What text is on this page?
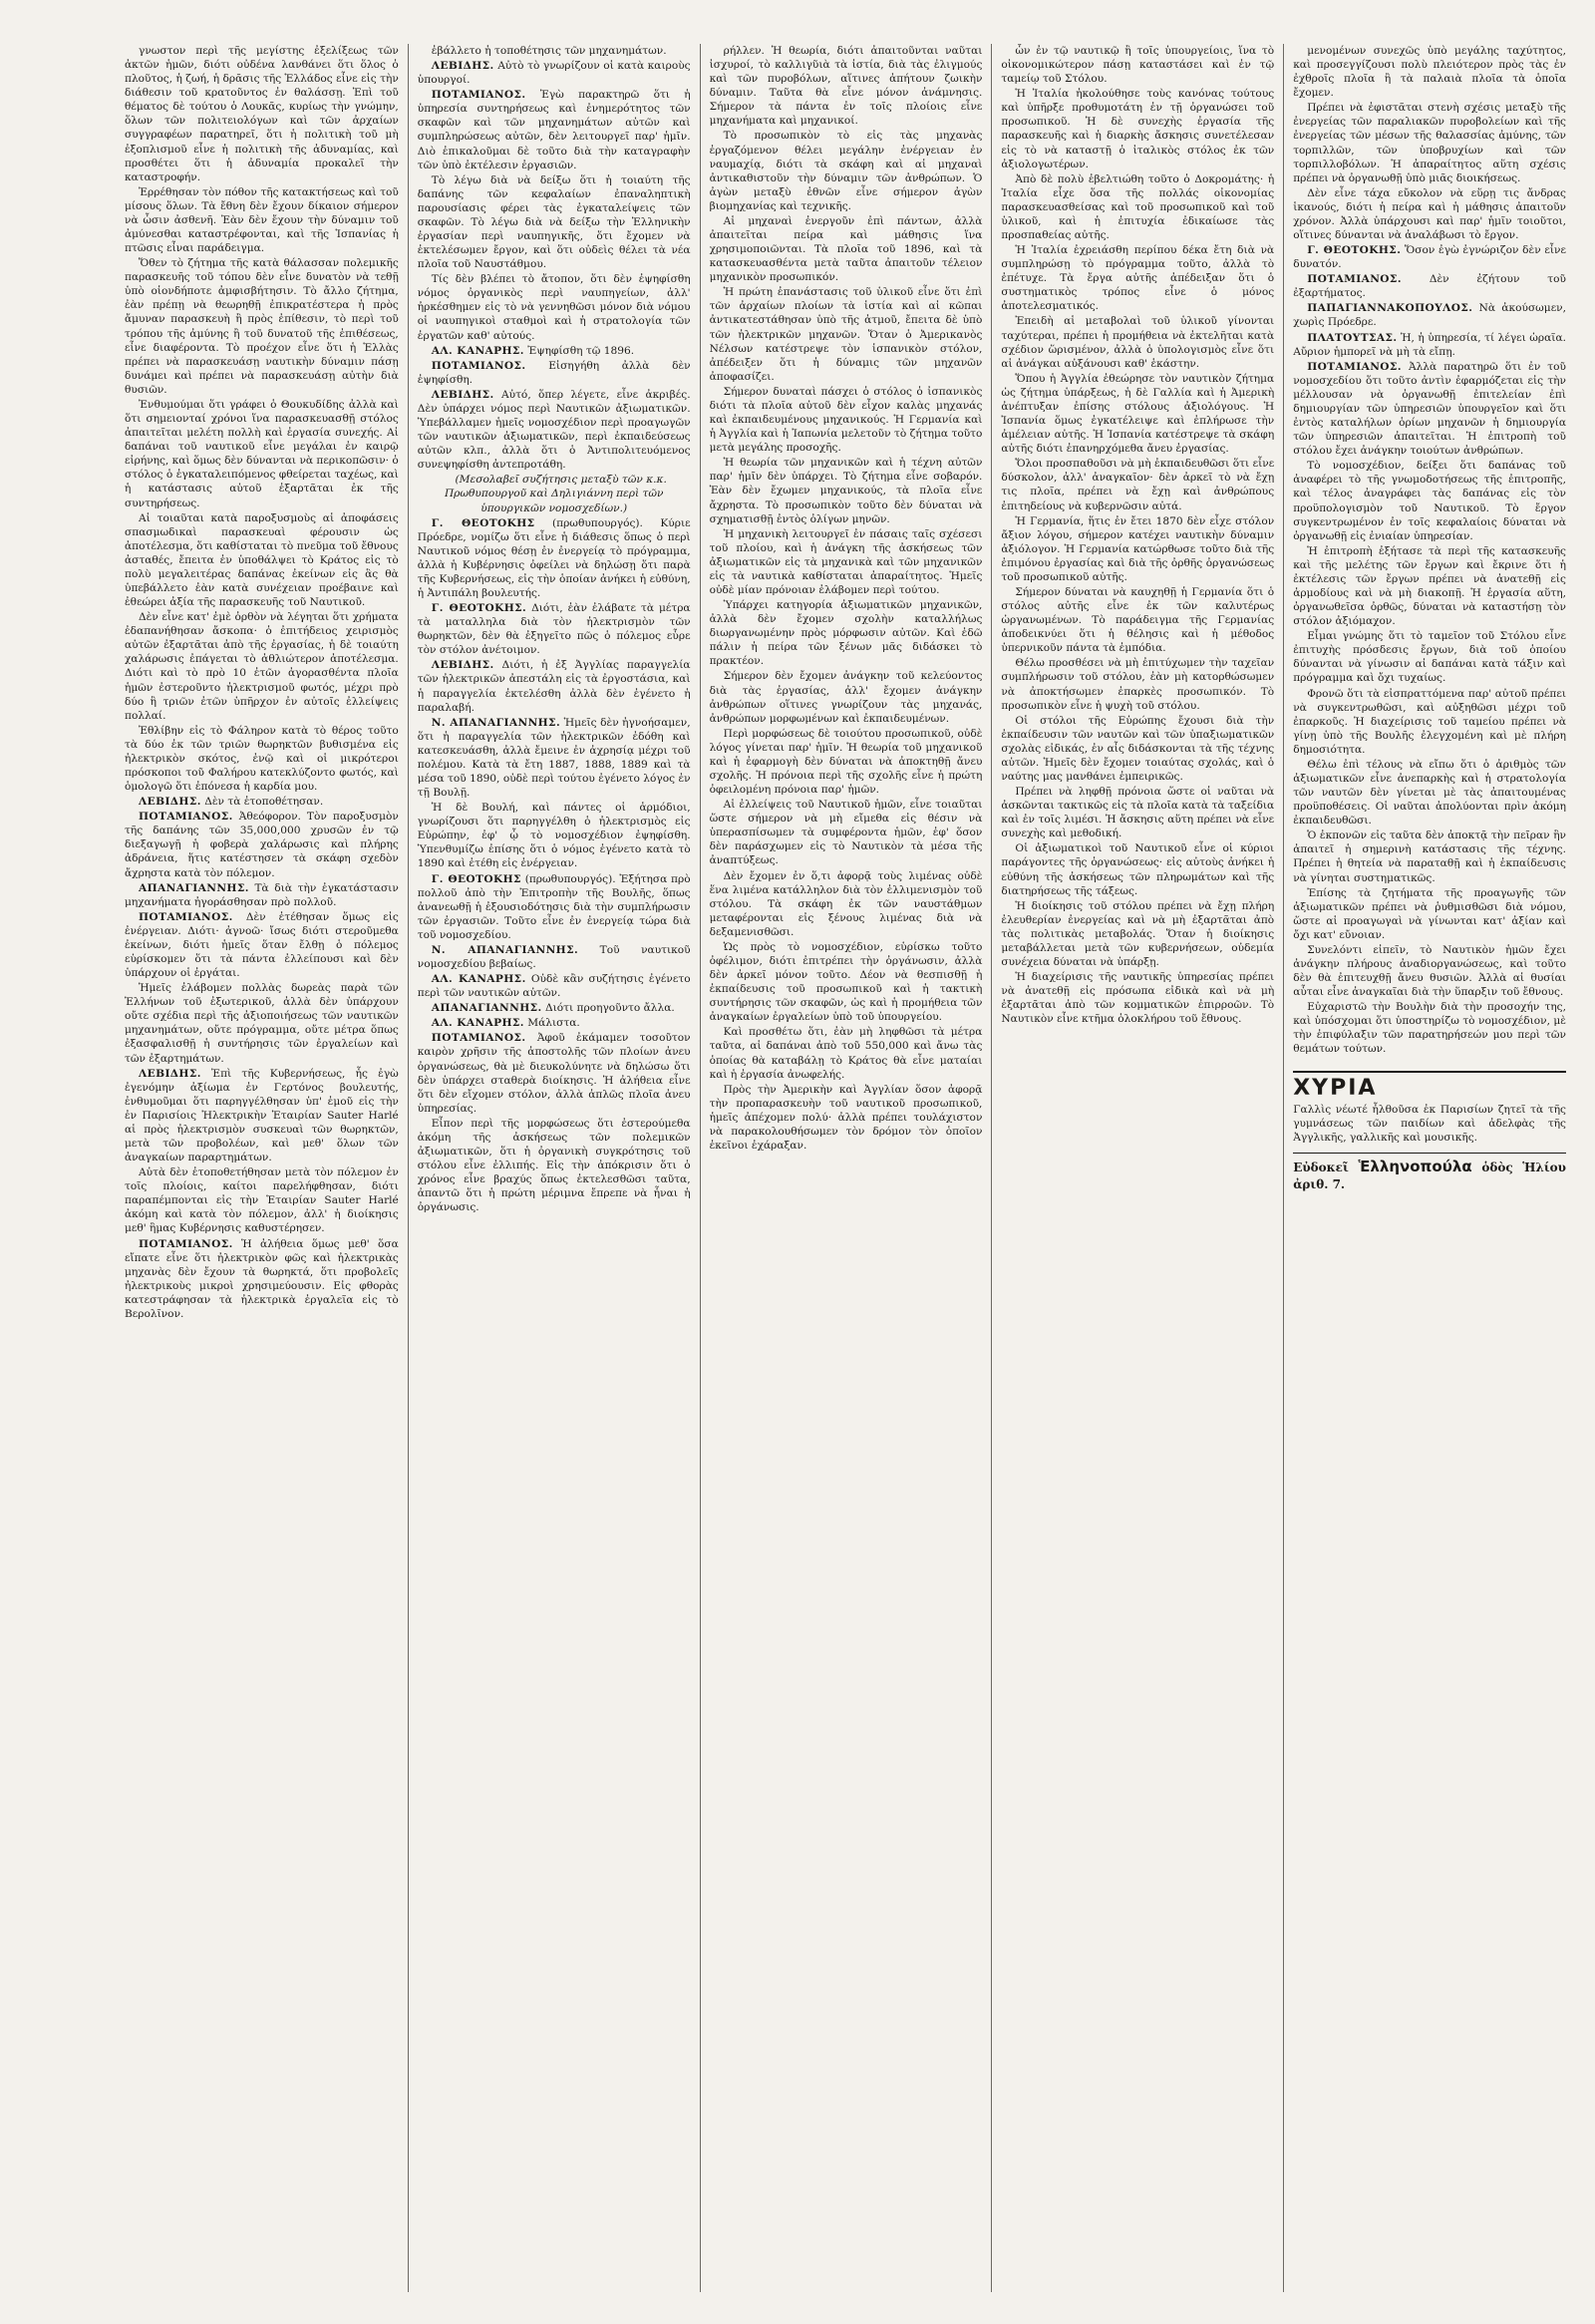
γνωστον περὶ τῆς μεγίστης ἐξελίξεως τῶν ἀκτῶν ἡμῶν, διότι οὐδένα λανθάνει ὅτι ὅλος ὁ πλοῦτος, ἡ ζωή, ἡ δρᾶσις τῆς Ἑλλάδος εἶνε εἰς τὴν διάθεσιν τοῦ κρατοῦντος ἐν θαλάσσῃ. Ἐπὶ τοῦ θέματος δὲ τούτου ὁ Λουκᾶς, κυρίως τὴν γνώμην, ὅλων τῶν πολιτειολόγων καὶ τῶν ἀρχαίων συγγραφέων παρατηρεῖ, ὅτι ἡ πολιτικὴ τοῦ μὴ ἐξοπλισμοῦ εἶνε ἡ πολιτικὴ τῆς ἀδυναμίας, καὶ προσθέτει ὅτι ἡ ἀδυναμία προκαλεῖ τὴν καταστροφήν.

Ἐρρέθησαν τὸν πόθον τῆς κατακτήσεως καὶ τοῦ μίσους ὅλων. Τὰ ἔθνη δὲν ἔχουν δίκαιον σήμερον νὰ ὦσιν ἀσθενῆ. Ἐὰν δὲν ἔχουν τὴν δύναμιν τοῦ ἀμύνεσθαι καταστρέφονται, καὶ τῆς Ἱσπανίας ἡ πτῶσις εἶναι παράδειγμα.

Ὅθεν τὸ ζήτημα τῆς κατὰ θάλασσαν πολεμικῆς παρασκευῆς τοῦ τόπου δὲν εἶνε δυνατὸν νὰ τεθῇ ὑπὸ οἱονδήποτε ἀμφισβήτησιν. Τὸ ἄλλο ζήτημα, ἐὰν πρέπῃ νὰ θεωρηθῇ ἐπικρατέστερα ἡ πρὸς ἄμυναν παρασκευὴ ἢ πρὸς ἐπίθεσιν, τὸ περὶ τοῦ τρόπου τῆς ἀμύνης ἢ τοῦ δυνατοῦ τῆς ἐπιθέσεως, εἶνε διαφέροντα. Τὸ προέχον εἶνε ὅτι ἡ Ἑλλὰς πρέπει νὰ παρασκευάσῃ ναυτικὴν δύναμιν πάσῃ δυνάμει καὶ πρέπει νὰ παρασκευάσῃ αὐτὴν διὰ θυσιῶν.

Ἐνθυμούμαι ὅτι γράφει ὁ Θουκυδίδης ἀλλὰ καὶ ὅτι σημειονταί χρόνοι ἵνα παρασκευασθῇ στόλος ἀπαιτεῖται μελέτη πολλὴ καὶ ἐργασία συνεχής. Αἱ δαπάναι τοῦ ναυτικοῦ εἶνε μεγάλαι ἐν καιρῷ εἰρήνης, καὶ ὅμως δὲν δύνανται νὰ περικοπῶσιν· ὁ στόλος ὁ ἐγκαταλειπόμενος φθείρεται ταχέως, καὶ ἡ κατάστασις αὐτοῦ ἐξαρτᾶται ἐκ τῆς συντηρήσεως.

Αἱ τοιαῦται κατὰ παροξυσμοὺς αἱ ἀποφάσεις σπασμωδικαὶ παρασκευαὶ φέρουσιν ὡς ἀποτέλεσμα, ὅτι καθίσταται τὸ πνεῦμα τοῦ ἔθνους ἀσταθές, ἔπειτα ἐν ὑποθάλψει τὸ Κράτος εἰς τὸ πολὺ μεγαλειτέρας δαπάνας ἐκείνων εἰς ἃς θὰ ὑπεβάλλετο ἐὰν κατὰ συνέχειαν προέβαινε καὶ ἐθεώρει ἀξία τῆς παρασκευῆς τοῦ Ναυτικοῦ.

Δὲν εἶνε κατ' ἐμὲ ὀρθὸν νὰ λέγηται ὅτι χρήματα ἐδαπανήθησαν ἄσκοπα· ὁ ἐπιτήδειος χειρισμὸς αὐτῶν ἐξαρτᾶται ἀπὸ τῆς ἐργασίας, ἡ δὲ τοιαύτη χαλάρωσις ἐπάγεται τὸ ἀθλιώτερον ἀποτέλεσμα. Διότι καὶ τὸ πρὸ 10 ἐτῶν ἀγορασθέντα πλοῖα ἡμῶν ἐστεροῦντο ἠλεκτρισμοῦ φωτός, μέχρι πρὸ δύο ἢ τριῶν ἐτῶν ὑπῆρχον ἐν αὐτοῖς ἐλλείψεις πολλαί.

Ἐθλίβην εἰς τὸ Φάληρον κατὰ τὸ θέρος τοῦτο τὰ δύο ἐκ τῶν τριῶν θωρηκτῶν βυθισμένα εἰς ἠλεκτρικὸν σκότος, ἐνῷ καὶ οἱ μικρότεροι πρόσκοποι τοῦ Φαλήρου κατεκλύζοντο φωτός, καὶ ὁμολογῶ ὅτι ἐπόνεσα ἡ καρδία μου.

ΛΕΒΙΔΗΣ. Δὲν τὰ ἐτοποθέτησαν.

ΠΟΤΑΜΙΑΝΟΣ. Ἀθεόφορον. Τὸν παροξυσμὸν τῆς δαπάνης τῶν 35,000,000 χρυσῶν ἐν τῷ διεξαγωγῇ ἡ φοβερὰ χαλάρωσις καὶ πλήρης ἀδράνεια, ἥτις κατέστησεν τὰ σκάφη σχεδὸν ἄχρηστα κατὰ τὸν πόλεμον.

ΑΠΑΝΑΓΙΑΝΝΗΣ. Τὰ διὰ τὴν ἐγκατάστασιν μηχανήματα ἠγοράσθησαν πρὸ πολλοῦ.

ΠΟΤΑΜΙΑΝΟΣ. Δὲν ἐτέθησαν ὅμως εἰς ἐνέργειαν. Διότι· ἀγνοῶ· ἴσως διότι στεροῦμεθα ἐκείνων, διότι ἡμεῖς ὅταν ἔλθῃ ὁ πόλεμος εὑρίσκομεν ὅτι τὰ πάντα ἐλλείπουσι καὶ δὲν ὑπάρχουν οἱ ἐργάται.

Ἡμεῖς ἐλάβομεν πολλὰς δωρεὰς παρὰ τῶν Ἑλλήνων τοῦ ἐξωτερικοῦ, ἀλλὰ δὲν ὑπάρχουν οὔτε σχέδια περὶ τῆς ἀξιοποιήσεως τῶν ναυτικῶν μηχανημάτων, οὔτε πρόγραμμα, οὔτε μέτρα ὅπως ἐξασφαλισθῇ ἡ συντήρησις τῶν ἐργαλείων καὶ τῶν ἐξαρτημάτων.

ΛΕΒΙΔΗΣ. Ἐπὶ τῆς Κυβερνήσεως, ἧς ἐγὼ ἐγενόμην ἀξίωμα ἐν Γερτόνος βουλευτής, ἐνθυμοῦμαι ὅτι παρηγγέλθησαν ὑπ' ἐμοῦ εἰς τὴν ἐν Παρισίοις Ἠλεκτρικὴν Ἑταιρίαν Sauter Harlé αἱ πρὸς ἠλεκτρισμὸν συσκευαὶ τῶν θωρηκτῶν, μετὰ τῶν προβολέων, καὶ μεθ' ὅλων τῶν ἀναγκαίων παραρτημάτων.

Αὐτὰ δὲν ἐτοποθετήθησαν μετὰ τὸν πόλεμον ἐν τοῖς πλοίοις, καίτοι παρελήφθησαν, διότι παραπέμπονται εἰς τὴν Ἑταιρίαν Sauter Harlé ἀκόμη καὶ κατὰ τὸν πόλεμον, ἀλλ' ἡ διοίκησις μεθ' ἣμας Κυβέρνησις καθυστέρησεν.

ΠΟΤΑΜΙΑΝΟΣ. Ἡ ἀλήθεια ὅμως μεθ' ὅσα εἴπατε εἶνε ὅτι ἠλεκτρικὸν φῶς καὶ ἠλεκτρικὰς μηχανὰς δὲν ἔχουν τὰ θωρηκτά, ὅτι προβολεῖς ἠλεκτρικοὺς μικροὶ χρησιμεύουσιν. Εἰς φθορὰς κατεστράφησαν τὰ ἠλεκτρικὰ ἐργαλεῖα εἰς τὸ Βερολῖνον.

ἐβάλλετο ἡ τοποθέτησις τῶν μηχανημάτων.

ΛΕΒΙΔΗΣ. Αὐτὸ τὸ γνωρίζουν οἱ κατὰ καιροὺς ὑπουργοί.

ΠΟΤΑΜΙΑΝΟΣ. Ἐγὼ παρακτηρῶ ὅτι ἡ ὑπηρεσία συντηρήσεως καὶ ἐνημερότητος τῶν σκαφῶν καὶ τῶν μηχανημάτων αὐτῶν καὶ συμπληρώσεως αὐτῶν, δὲν λειτουργεῖ παρ' ἡμῖν. Διὸ ἐπικαλοῦμαι δὲ τοῦτο διὰ τὴν καταγραφὴν τῶν ὑπὸ ἐκτέλεσιν ἐργασιῶν.

Τὸ λέγω διὰ νὰ δείξω ὅτι ἡ τοιαύτη τῆς δαπάνης τῶν κεφαλαίων ἐπαναληπτικὴ παρουσίασις φέρει τὰς ἐγκαταλείψεις τῶν σκαφῶν. Τὸ λέγω διὰ νὰ δείξω τὴν Ἑλληνικὴν ἐργασίαν περὶ ναυπηγικῆς, ὅτι ἔχομεν νὰ ἐκτελέσωμεν ἔργον, καὶ ὅτι οὐδεὶς θέλει τὰ νέα πλοῖα τοῦ Ναυστάθμου.

Τίς δὲν βλέπει τὸ ἄτοπον, ὅτι δὲν ἐψηφίσθη νόμος ὀργανικὸς περὶ ναυπηγείων, ἀλλ' ἠρκέσθημεν εἰς τὸ νὰ γεννηθῶσι μόνον διὰ νόμου οἱ ναυπηγικοὶ σταθμοὶ καὶ ἡ στρατολογία τῶν ἐργατῶν καθ' αὑτούς.

ΑΛ. ΚΑΝΑΡΗΣ. Ἐψηφίσθη τῷ 1896.

ΠΟΤΑΜΙΑΝΟΣ. Εἰσηγήθη ἀλλὰ δὲν ἐψηφίσθη.

ΛΕΒΙΔΗΣ. Αὐτό, ὅπερ λέγετε, εἶνε ἀκριβές. Δὲν ὑπάρχει νόμος περὶ Ναυτικῶν ἀξιωματικῶν. Ὑπεβάλλαμεν ἡμεῖς νομοσχέδιον περὶ προαγωγῶν τῶν ναυτικῶν ἀξιωματικῶν, περὶ ἐκπαιδεύσεως αὐτῶν κλπ., ἀλλὰ ὅτι ὁ Ἀντιπολιτευόμενος συνεψηφίσθη ἀντεπροτάθη.

(Μεσολαβεῖ συζήτησις μεταξὺ τῶν κ.κ. Πρωθυπουργοῦ καὶ Δηλιγιάννη περὶ τῶν ὑπουργικῶν νομοσχεδίων.)

Γ. ΘΕΟΤΟΚΗΣ (πρωθυπουργός). Κύριε Πρόεδρε, νομίζω ὅτι εἶνε ἡ διάθεσις ὅπως ὁ περὶ Ναυτικοῦ νόμος θέσῃ ἐν ἐνεργείᾳ τὸ πρόγραμμα, ἀλλὰ ἡ Κυβέρνησις ὀφείλει νὰ δηλώσῃ ὅτι παρὰ τῆς Κυβερνήσεως, εἰς τὴν ὁποίαν ἀνήκει ἡ εὐθύνη, ἡ Ἀντιπάλη βουλευτής.

Γ. ΘΕΟΤΟΚΗΣ. Διότι, ἐὰν ἐλάβατε τὰ μέτρα τὰ ματαλληλα διὰ τὸν ἠλεκτρισμὸν τῶν θωρηκτῶν, δὲν θὰ ἐξηγεῖτο πῶς ὁ πόλεμος εὗρε τὸν στόλον ἀνέτοιμον.

ΛΕΒΙΔΗΣ. Διότι, ἡ ἐξ Ἀγγλίας παραγγελία τῶν ἠλεκτρικῶν ἀπεστάλη εἰς τὰ ἐργοστάσια, καὶ ἡ παραγγελία ἐκτελέσθη ἀλλὰ δὲν ἐγένετο ἡ παραλαβή.

Ν. ΑΠΑΝΑΓΙΑΝΝΗΣ. Ἡμεῖς δὲν ἠγνοήσαμεν, ὅτι ἡ παραγγελία τῶν ἠλεκτρικῶν ἐδόθη καὶ κατεσκευάσθη, ἀλλὰ ἔμεινε ἐν ἀχρησίᾳ μέχρι τοῦ πολέμου. Κατὰ τὰ ἔτη 1887, 1888, 1889 καὶ τὰ μέσα τοῦ 1890, οὐδὲ περὶ τούτου ἐγένετο λόγος ἐν τῇ Βουλῇ.

Ἡ δὲ Βουλή, καὶ πάντες οἱ ἁρμόδιοι, γνωρίζουσι ὅτι παρηγγέλθη ὁ ἠλεκτρισμὸς εἰς Εὐρώπην, ἐφ' ᾧ τὸ νομοσχέδιον ἐψηφίσθη. Ὑπενθυμίζω ἐπίσης ὅτι ὁ νόμος ἐγένετο κατὰ τὸ 1890 καὶ ἐτέθη εἰς ἐνέργειαν.

Γ. ΘΕΟΤΟΚΗΣ (πρωθυπουργός). Ἐξήτησα πρὸ πολλοῦ ἀπὸ τὴν Ἐπιτροπὴν τῆς Βουλῆς, ὅπως ἀνανεωθῇ ἡ ἐξουσιοδότησις διὰ τὴν συμπλήρωσιν τῶν ἐργασιῶν. Τοῦτο εἶνε ἐν ἐνεργείᾳ τώρα διὰ τοῦ νομοσχεδίου.

Ν. ΑΠΑΝΑΓΙΑΝΝΗΣ. Τοῦ ναυτικοῦ νομοσχεδίου βεβαίως.

ΑΛ. ΚΑΝΑΡΗΣ. Οὐδὲ κἂν συζήτησις ἐγένετο περὶ τῶν ναυτικῶν αὐτῶν.

ΑΠΑΝΑΓΙΑΝΝΗΣ. Διότι προηγοῦντο ἄλλα.

ΑΛ. ΚΑΝΑΡΗΣ. Μάλιστα.

ΠΟΤΑΜΙΑΝΟΣ. Ἀφοῦ ἐκάμαμεν τοσοῦτον καιρὸν χρῆσιν τῆς ἀποστολῆς τῶν πλοίων ἀνευ ὀργανώσεως, θὰ μὲ διευκολύνητε νὰ δηλώσω ὅτι δὲν ὑπάρχει σταθερὰ διοίκησις. Ἡ ἀλήθεια εἶνε ὅτι δὲν εἴχομεν στόλον, ἀλλὰ ἁπλῶς πλοῖα ἀνευ ὑπηρεσίας.

Εἶπον περὶ τῆς μορφώσεως ὅτι ἐστερούμεθα ἀκόμη τῆς ἀσκήσεως τῶν πολεμικῶν ἀξιωματικῶν, ὅτι ἡ ὀργανικὴ συγκρότησις τοῦ στόλου εἶνε ἐλλιπής. Εἰς τὴν ἀπόκρισιν ὅτι ὁ χρόνος εἶνε βραχύς ὅπως ἐκτελεσθῶσι ταῦτα, ἀπαντῶ ὅτι ἡ πρώτη μέριμνα ἔπρεπε νὰ ἦναι ἡ ὀργάνωσις.

ρήλλεν. Ἡ θεωρία, διότι ἀπαιτοῦνται ναῦται ἰσχυροί, τὸ καλλιγῦιὰ τὰ ἱστία, διὰ τὰς ἐλιγμούς καὶ τῶν πυροβόλων, αἵτινες ἀπήτουν ζωικὴν δύναμιν. Ταῦτα θὰ εἶνε μόνον ἀνάμνησις. Σήμερον τὰ πάντα ἐν τοῖς πλοίοις εἶνε μηχανήματα καὶ μηχανικοί.

Τὸ προσωπικὸν τὸ εἰς τὰς μηχανὰς ἐργαζόμενον θέλει μεγάλην ἐνέργειαν ἐν ναυμαχίᾳ, διότι τὰ σκάφη καὶ αἱ μηχαναὶ ἀντικαθιστοῦν τὴν δύναμιν τῶν ἀνθρώπων. Ὁ ἀγὼν μεταξὺ ἐθνῶν εἶνε σήμερον ἀγὼν βιομηχανίας καὶ τεχνικῆς.

Αἱ μηχαναὶ ἐνεργοῦν ἐπὶ πάντων, ἀλλὰ ἀπαιτεῖται πείρα καὶ μάθησις ἵνα χρησιμοποιῶνται. Τὰ πλοῖα τοῦ 1896, καὶ τὰ κατασκευασθέντα μετὰ ταῦτα ἀπαιτοῦν τέλειον μηχανικὸν προσωπικόν.

Ἡ πρώτη ἐπανάστασις τοῦ ὑλικοῦ εἶνε ὅτι ἐπὶ τῶν ἀρχαίων πλοίων τὰ ἱστία καὶ αἱ κῶπαι ἀντικατεστάθησαν ὑπὸ τῆς ἀτμοῦ, ἔπειτα δὲ ὑπὸ τῶν ἠλεκτρικῶν μηχανῶν. Ὅταν ὁ Ἀμερικανὸς Νέλσων κατέστρεψε τὸν ἱσπανικὸν στόλον, ἀπέδειξεν ὅτι ἡ δύναμις τῶν μηχανῶν ἀποφασίζει.

Σήμερον δυναταὶ πάσχει ὁ στόλος ὁ ἰσπανικὸς διότι τὰ πλοῖα αὐτοῦ δὲν εἶχον καλὰς μηχανάς καὶ ἐκπαιδευμένους μηχανικούς. Ἡ Γερμανία καὶ ἡ Ἀγγλία καὶ ἡ Ἰαπωνία μελετοῦν τὸ ζήτημα τοῦτο μετὰ μεγάλης προσοχῆς.

Ἡ θεωρία τῶν μηχανικῶν καὶ ἡ τέχνη αὐτῶν παρ' ἡμῖν δὲν ὑπάρχει. Τὸ ζήτημα εἶνε σοβαρόν. Ἐὰν δὲν ἔχωμεν μηχανικούς, τὰ πλοῖα εἶνε ἄχρηστα. Τὸ προσωπικὸν τοῦτο δὲν δύναται νὰ σχηματισθῇ ἐντὸς ὀλίγων μηνῶν.

Ἡ μηχανικὴ λειτουργεῖ ἐν πάσαις ταῖς σχέσεσι τοῦ πλοίου, καὶ ἡ ἀνάγκη τῆς ἀσκήσεως τῶν ἀξιωματικῶν εἰς τὰ μηχανικὰ καὶ τῶν μηχανικῶν εἰς τὰ ναυτικὰ καθίσταται ἀπαραίτητος. Ἡμεῖς οὐδὲ μίαν πρόνοιαν ἐλάβομεν περὶ τούτου.

Ὑπάρχει κατηγορία ἀξιωματικῶν μηχανικῶν, ἀλλὰ δὲν ἔχομεν σχολὴν καταλλήλως διωργανωμένην πρὸς μόρφωσιν αὐτῶν. Καὶ ἐδῶ πάλιν ἡ πείρα τῶν ξένων μᾶς διδάσκει τὸ πρακτέον.

Σήμερον δὲν ἔχομεν ἀνάγκην τοῦ κελεύοντος διὰ τὰς ἐργασίας, ἀλλ' ἔχομεν ἀνάγκην ἀνθρώπων οἵτινες γνωρίζουν τὰς μηχανάς, ἀνθρώπων μορφωμένων καὶ ἐκπαιδευμένων.

Περὶ μορφώσεως δὲ τοιούτου προσωπικοῦ, οὐδὲ λόγος γίνεται παρ' ἡμῖν. Ἡ θεωρία τοῦ μηχανικοῦ καὶ ἡ ἐφαρμογὴ δὲν δύναται νὰ ἀποκτηθῇ ἄνευ σχολῆς. Ἡ πρόνοια περὶ τῆς σχολῆς εἶνε ἡ πρώτη ὀφειλομένη πρόνοια παρ' ἡμῶν.

Αἱ ἐλλείψεις τοῦ Ναυτικοῦ ἡμῶν, εἶνε τοιαῦται ὥστε σήμερον νὰ μὴ εἴμεθα εἰς θέσιν νὰ ὑπερασπίσωμεν τὰ συμφέροντα ἡμῶν, ἐφ' ὅσον δὲν παράσχωμεν εἰς τὸ Ναυτικὸν τὰ μέσα τῆς ἀναπτύξεως.

Δὲν ἔχομεν ἐν ὅ,τι ἀφορᾷ τοὺς λιμένας οὐδὲ ἕνα λιμένα κατάλληλον διὰ τὸν ἐλλιμενισμὸν τοῦ στόλου. Τὰ σκάφη ἐκ τῶν ναυστάθμων μεταφέρονται εἰς ξένους λιμένας διὰ νὰ δεξαμενισθῶσι.

Ὡς πρὸς τὸ νομοσχέδιον, εὑρίσκω τοῦτο ὀφέλιμον, διότι ἐπιτρέπει τὴν ὀργάνωσιν, ἀλλὰ δὲν ἀρκεῖ μόνον τοῦτο. Δέον νὰ θεσπισθῇ ἡ ἐκπαίδευσις τοῦ προσωπικοῦ καὶ ἡ τακτικὴ συντήρησις τῶν σκαφῶν, ὡς καὶ ἡ προμήθεια τῶν ἀναγκαίων ἐργαλείων ὑπὸ τοῦ ὑπουργείου.

Καὶ προσθέτω ὅτι, ἐὰν μὴ ληφθῶσι τὰ μέτρα ταῦτα, αἱ δαπάναι ἀπὸ τοῦ 550,000 καὶ ἄνω τὰς ὁποίας θὰ καταβάλῃ τὸ Κράτος θὰ εἶνε ματαίαι καὶ ἡ ἐργασία ἀνωφελής.

Πρὸς τὴν Ἀμερικὴν καὶ Ἀγγλίαν ὅσον ἀφορᾷ τὴν προπαρασκευὴν τοῦ ναυτικοῦ προσωπικοῦ, ἡμεῖς ἀπέχομεν πολύ· ἀλλὰ πρέπει τουλάχιστον νὰ παρακολουθήσωμεν τὸν δρόμον τὸν ὁποῖον ἐκεῖνοι ἐχάραξαν.

ὧν ἐν τῷ ναυτικῷ ἢ τοῖς ὑπουργείοις, ἵνα τὸ οἰκονομικώτερον πάσῃ καταστάσει καὶ ἐν τῷ ταμείῳ τοῦ Στόλου.

Ἡ Ἰταλία ἠκολούθησε τοὺς κανόνας τούτους καὶ ὑπῆρξε προθυμοτάτη ἐν τῇ ὀργανώσει τοῦ προσωπικοῦ. Ἡ δὲ συνεχὴς ἐργασία τῆς παρασκευῆς καὶ ἡ διαρκὴς ἄσκησις συνετέλεσαν εἰς τὸ νὰ καταστῇ ὁ ἰταλικὸς στόλος ἐκ τῶν ἀξιολογωτέρων.

Ἀπὸ δὲ πολὺ ἐβελτιώθη τοῦτο ὁ Δοκρομάτης· ἡ Ἰταλία εἶχε ὅσα τῆς πολλάς οἰκονομίας παρασκευασθείσας καὶ τοῦ προσωπικοῦ καὶ τοῦ ὑλικοῦ, καὶ ἡ ἐπιτυχία ἐδικαίωσε τὰς προσπαθείας αὐτῆς.

Ἡ Ἰταλία ἐχρειάσθη περίπου δέκα ἔτη διὰ νὰ συμπληρώσῃ τὸ πρόγραμμα τοῦτο, ἀλλὰ τὸ ἐπέτυχε. Τὰ ἔργα αὐτῆς ἀπέδειξαν ὅτι ὁ συστηματικὸς τρόπος εἶνε ὁ μόνος ἀποτελεσματικός.

Ἐπειδὴ αἱ μεταβολαὶ τοῦ ὑλικοῦ γίνονται ταχύτεραι, πρέπει ἡ προμήθεια νὰ ἐκτελῆται κατὰ σχέδιον ὥρισμένον, ἀλλὰ ὁ ὑπολογισμὸς εἶνε ὅτι αἱ ἀνάγκαι αὐξάνουσι καθ' ἑκάστην.

Ὅπου ἡ Ἀγγλία ἐθεώρησε τὸν ναυτικὸν ζήτημα ὡς ζήτημα ὑπάρξεως, ἡ δὲ Γαλλία καὶ ἡ Ἀμερικὴ ἀνέπτυξαν ἐπίσης στόλους ἀξιολόγους. Ἡ Ἰσπανία ὅμως ἐγκατέλειψε καὶ ἐπλήρωσε τὴν ἀμέλειαν αὐτῆς. Ἡ Ἰσπανία κατέστρεψε τὰ σκάφη αὐτῆς διότι ἐπανηρχόμεθα ἄνευ ἐργασίας.

Ὅλοι προσπαθοῦσι νὰ μὴ ἐκπαιδευθῶσι ὅτι εἶνε δύσκολον, ἀλλ' ἀναγκαῖον· δὲν ἀρκεῖ τὸ νὰ ἔχῃ τις πλοῖα, πρέπει νὰ ἔχῃ καὶ ἀνθρώπους ἐπιτηδείους νὰ κυβερνῶσιν αὐτά.

Ἡ Γερμανία, ἥτις ἐν ἔτει 1870 δὲν εἶχε στόλον ἄξιον λόγου, σήμερον κατέχει ναυτικὴν δύναμιν ἀξιόλογον. Ἡ Γερμανία κατώρθωσε τοῦτο διὰ τῆς ἐπιμόνου ἐργασίας καὶ διὰ τῆς ὀρθῆς ὀργανώσεως τοῦ προσωπικοῦ αὐτῆς.

Σήμερον δύναται νὰ καυχηθῇ ἡ Γερμανία ὅτι ὁ στόλος αὐτῆς εἶνε ἐκ τῶν καλυτέρως ὠργανωμένων. Τὸ παράδειγμα τῆς Γερμανίας ἀποδεικνύει ὅτι ἡ θέλησις καὶ ἡ μέθοδος ὑπερνικοῦν πάντα τὰ ἐμπόδια.

Θέλω προσθέσει νὰ μὴ ἐπιτύχωμεν τὴν ταχεῖαν συμπλήρωσιν τοῦ στόλου, ἐὰν μὴ κατορθώσωμεν νὰ ἀποκτήσωμεν ἐπαρκὲς προσωπικόν. Τὸ προσωπικὸν εἶνε ἡ ψυχὴ τοῦ στόλου.

Οἱ στόλοι τῆς Εὐρώπης ἔχουσι διὰ τὴν ἐκπαίδευσιν τῶν ναυτῶν καὶ τῶν ὑπαξιωματικῶν σχολὰς εἰδικάς, ἐν αἷς διδάσκονται τὰ τῆς τέχνης αὐτῶν. Ἡμεῖς δὲν ἔχομεν τοιαύτας σχολάς, καὶ ὁ ναύτης μας μανθάνει ἐμπειρικῶς.

Πρέπει νὰ ληφθῇ πρόνοια ὥστε οἱ ναῦται νὰ ἀσκῶνται τακτικῶς εἰς τὰ πλοῖα κατὰ τὰ ταξείδια καὶ ἐν τοῖς λιμέσι. Ἡ ἄσκησις αὕτη πρέπει νὰ εἶνε συνεχὴς καὶ μεθοδική.

Οἱ ἀξιωματικοὶ τοῦ Ναυτικοῦ εἶνε οἱ κύριοι παράγοντες τῆς ὀργανώσεως· εἰς αὐτοὺς ἀνήκει ἡ εὐθύνη τῆς ἀσκήσεως τῶν πληρωμάτων καὶ τῆς διατηρήσεως τῆς τάξεως.

Ἡ διοίκησις τοῦ στόλου πρέπει νὰ ἔχῃ πλήρη ἐλευθερίαν ἐνεργείας καὶ νὰ μὴ ἐξαρτᾶται ἀπὸ τὰς πολιτικὰς μεταβολάς. Ὅταν ἡ διοίκησις μεταβάλλεται μετὰ τῶν κυβερνήσεων, οὐδεμία συνέχεια δύναται νὰ ὑπάρξῃ.

Ἡ διαχείρισις τῆς ναυτικῆς ὑπηρεσίας πρέπει νὰ ἀνατεθῇ εἰς πρόσωπα εἰδικὰ καὶ νὰ μὴ ἐξαρτᾶται ἀπὸ τῶν κομματικῶν ἐπιρροῶν. Τὸ Ναυτικὸν εἶνε κτῆμα ὁλοκλήρου τοῦ ἔθνους.

μενομένων συνεχῶς ὑπὸ μεγάλης ταχύτητος, καὶ προσεγγίζουσι πολὺ πλειότερον πρὸς τὰς ἐν ἐχθροῖς πλοῖα ἢ τὰ παλαιὰ πλοῖα τὰ ὁποῖα ἔχομεν.

Πρέπει νὰ ἐφιστᾶται στενὴ σχέσις μεταξὺ τῆς ἐνεργείας τῶν παραλιακῶν πυροβολείων καὶ τῆς ἐνεργείας τῶν μέσων τῆς θαλασσίας ἀμύνης, τῶν τορπιλλῶν, τῶν ὑποβρυχίων καὶ τῶν τορπιλλοβόλων. Ἡ ἀπαραίτητος αὕτη σχέσις πρέπει νὰ ὀργανωθῇ ὑπὸ μιᾶς διοικήσεως.

Δὲν εἶνε τάχα εὔκολον νὰ εὕρῃ τις ἄνδρας ἱκανούς, διότι ἡ πείρα καὶ ἡ μάθησις ἀπαιτοῦν χρόνον. Ἀλλὰ ὑπάρχουσι καὶ παρ' ἡμῖν τοιοῦτοι, οἵτινες δύνανται νὰ ἀναλάβωσι τὸ ἔργον.

Γ. ΘΕΟΤΟΚΗΣ. Ὅσον ἐγὼ ἐγνώριζον δὲν εἶνε δυνατόν.

ΠΟΤΑΜΙΑΝΟΣ.	Δὲν ἐζήτουν τοῦ ἐξαρτήματος.

ΠΑΠΑΓΙΑΝΝΑΚΟΠΟΥΛΟΣ. Νὰ ἀκούσωμεν, χωρὶς Πρόεδρε.

ΠΛΑΤΟΥΤΣΑΣ. Ἡ, ἡ ὑπηρεσία, τί λέγει ὡραῖα. Αὔριον ἡμπορεῖ νὰ μὴ τὰ εἴπῃ.

ΠΟΤΑΜΙΑΝΟΣ. Ἀλλὰ παρατηρῶ ὅτι ἐν τοῦ νομοσχεδίου ὅτι τοῦτο ἀντὶν ἐφαρμόζεται εἰς τὴν μέλλουσαν νὰ ὀργανωθῇ ἐπιτελείαν ἐπὶ δημιουργίαν τῶν ὑπηρεσιῶν ὑπουργεῖον καὶ ὅτι ἐντὸς καταλήλων ὁρίων μηχανῶν ἡ δημιουργία τῶν ὑπηρεσιῶν ἀπαιτεῖται. Ἡ ἐπιτροπὴ τοῦ στόλου ἔχει ἀνάγκην τοιούτων ἀνθρώπων.

Τὸ νομοσχέδιον, δείξει ὅτι δαπάνας τοῦ ἀναφέρει τὸ τῆς γνωμοδοτήσεως τῆς ἐπιτροπῆς, καὶ τέλος ἀναγράφει τὰς δαπάνας εἰς τὸν προϋπολογισμὸν τοῦ Ναυτικοῦ. Τὸ ἔργον συγκεντρωμένον ἐν τοῖς κεφαλαίοις δύναται νὰ ὀργανωθῇ εἰς ἐνιαίαν ὑπηρεσίαν.

Ἡ ἐπιτροπὴ ἐξήτασε τὰ περὶ τῆς κατασκευῆς καὶ τῆς μελέτης τῶν ἔργων καὶ ἔκρινε ὅτι ἡ ἐκτέλεσις τῶν ἔργων πρέπει νὰ ἀνατεθῇ εἰς ἁρμοδίους καὶ νὰ μὴ διακοπῇ. Ἡ ἐργασία αὕτη, ὀργανωθεῖσα ὀρθῶς, δύναται νὰ καταστήσῃ τὸν στόλον ἀξιόμαχον.

Εἶμαι γνώμης ὅτι τὸ ταμεῖον τοῦ Στόλου εἶνε ἐπιτυχὴς πρόσδεσις ἔργων, διὰ τοῦ ὁποίου δύνανται νὰ γίνωσιν αἱ δαπάναι κατὰ τάξιν καὶ πρόγραμμα καὶ ὄχι τυχαίως.

Φρονῶ ὅτι τὰ εἰσπραττόμενα παρ' αὐτοῦ πρέπει νὰ συγκεντρωθῶσι, καὶ αὐξηθῶσι μέχρι τοῦ ἐπαρκοῦς. Ἡ διαχείρισις τοῦ ταμείου πρέπει νὰ γίνῃ ὑπὸ τῆς Βουλῆς ἐλεγχομένη καὶ μὲ πλήρη δημοσιότητα.

Θέλω ἐπὶ τέλους νὰ εἴπω ὅτι ὁ ἀριθμὸς τῶν ἀξιωματικῶν εἶνε ἀνεπαρκὴς καὶ ἡ στρατολογία τῶν ναυτῶν δὲν γίνεται μὲ τὰς ἀπαιτουμένας προϋποθέσεις. Οἱ ναῦται ἀπολύονται πρὶν ἀκόμη ἐκπαιδευθῶσι.

Ὁ ἐκπονῶν εἰς ταῦτα δὲν ἀποκτᾷ τὴν πεῖραν ἣν ἀπαιτεῖ ἡ σημερινὴ κατάστασις τῆς τέχνης. Πρέπει ἡ θητεία νὰ παραταθῇ καὶ ἡ ἐκπαίδευσις νὰ γίνηται συστηματικῶς.

Ἐπίσης τὰ ζητήματα τῆς προαγωγῆς τῶν ἀξιωματικῶν πρέπει νὰ ῥυθμισθῶσι διὰ νόμου, ὥστε αἱ προαγωγαὶ νὰ γίνωνται κατ' ἀξίαν καὶ ὄχι κατ' εὔνοιαν.

Συνελόντι εἰπεῖν, τὸ Ναυτικὸν ἡμῶν ἔχει ἀνάγκην πλήρους ἀναδιοργανώσεως, καὶ τοῦτο δὲν θὰ ἐπιτευχθῇ ἄνευ θυσιῶν. Ἀλλὰ αἱ θυσίαι αὗται εἶνε ἀναγκαῖαι διὰ τὴν ὕπαρξιν τοῦ ἔθνους.

Εὐχαριστῶ τὴν Βουλὴν διὰ τὴν προσοχήν της, καὶ ὑπόσχομαι ὅτι ὑποστηρίζω τὸ νομοσχέδιον, μὲ τὴν ἐπιφύλαξιν τῶν παρατηρήσεών μου περὶ τῶν θεμάτων τούτων.

ΧΥΡΙΑ

Γαλλὶς νέωτέ ἦλθοῦσα ἐκ Παρισίων ζητεῖ τὰ τῆς γυμνάσεως τῶν παιδίων καὶ ἀδελφὰς τῆς Ἀγγλικῆς, γαλλικῆς καὶ μουσικῆς.

Εὐδοκεῖ Ἑλληνοπούλα ὁδὸς Ἡλίου ἀριθ. 7.
